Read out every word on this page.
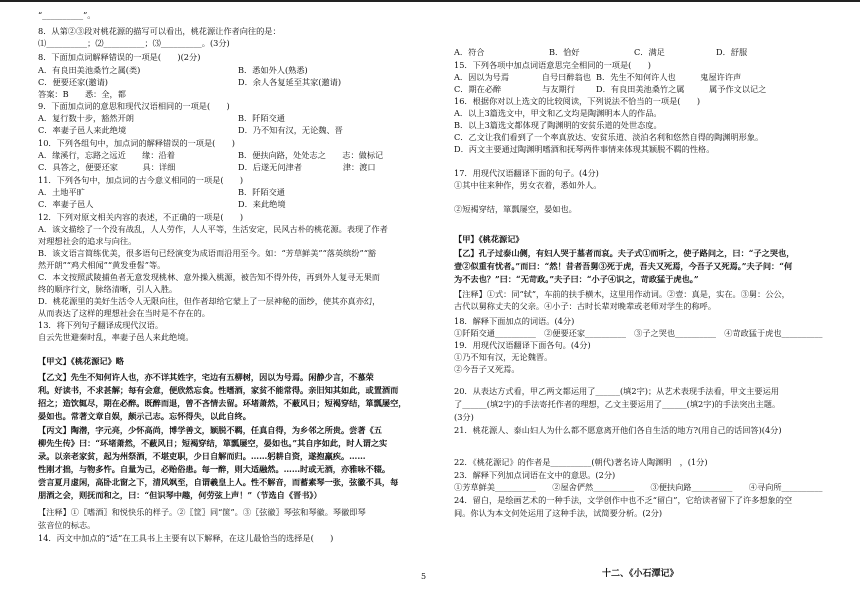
“__________”。
8．从第②③段对桃花源的描写可以看出，桃花源让作者向往的是：
⑴__________；⑵__________；⑶__________。(3分)
8．下面加点词解释错误的一项是(　　)(2分)
A．有良田美池桑竹之属(类)	B．悉如外人(熟悉)
C．便要还家(邀请)	D．余人各复延至其家(邀请)
答案：B　　悉：全，都
9．下面加点词的意思和现代汉语相同的一项是(　　)
A．复行数十步，豁然开朗	B．阡陌交通
C．率妻子邑人来此绝境	D．乃不知有汉，无论魏、晋
10．下列各组句中，加点词的解释错误的一项是(　　)
A．缘溪行，忘路之远近　　缘：沿着	B．便扶向路，处处志之　　志：做标记
C．具答之，便要还家　　　具：详细	D．后遂无问津者　　　　　津：渡口
11．下列各句中，加点词的古今意义相同的一项是(　　)
A．土地平旷	B．阡陌交通
C．率妻子邑人	D．来此绝境
12．下列对原文相关内容的表述，不正确的一项是(　　)
A．该文描绘了一个没有战乱，人人劳作，人人平等，生活安定，民风古朴的桃花源。表现了作者
对理想社会的追求与向往。
B．该文语言简练优美，很多语句已经演变为成语而沿用至今。如：“芳草鲜美”“落英缤纷”“豁
然开朗”“鸡犬相闻”“黄发垂髫”等。
C．本文按照武陵捕鱼者无意发现桃林、意外操入桃源，被告知不得外传，再到外人复寻无果而
终的顺序行文，脉络清晰，引人入胜。
D．桃花源里的美好生活令人无限向往，但作者却给它蒙上了一层神秘的面纱，使其亦真亦幻，
从而表达了这样的理想社会在当时是不存在的。
13．将下列句子翻译成现代汉语。
自云先世避秦时乱，率妻子邑人来此绝境。
【甲文】《桃花源记》略
【乙文】先生不知何许人也，亦不详其姓字，宅边有五柳树，因以为号焉。闲静少言，不慕荣
利。好读书，不求甚解；每有会意，便欣然忘食。性嗜酒，家贫不能常得。亲旧知其如此，或置酒而
招之；造饮辄尽，期在必醉。既醉而退，曾不吝情去留。环堵萧然，不蔽风日；短褐穿结，箪瓢屡空，
晏如也。常著文章自娱，颇示己志。忘怀得失，以此自终。
【丙文】陶潜，字元亮，少怀高尚，博学善文，颖脱不羁，任真自得，为乡邻之所贵。尝著《五
柳先生传》曰：“环堵萧然，不蔽风日；短褐穿结，箪瓢屡空，晏如也。”其自序如此，时人谓之实
录。以亲老家贫，起为州祭酒，不堪吏职，少日自解而归。……躬耕自资，遂抱羸疾。……
性刚才拙，与物多忤。自量为己，必贻俗患。每一醉，则大适融然。……时或无酒，亦雅咏不辍。
尝言夏月虚闲，高卧北窗之下，清风飒至，自谓羲皇上人。性不解音，而蓄素琴一张，弦徽不具，每
朋酒之会，则抚而和之，曰：“但识琴中趣，何劳弦上声！”（节选自《晋书》）
【注释】①〖嗜酒〗和悦快乐的样子。②〖筐〗同“箧”。③〖弦徽〗琴弦和琴徽。琴徽即琴
弦音位的标志。
14．丙文中加点的“适”在工具书上主要有以下解释，在这儿最恰当的选择是(　　)
A．符合	B．恰好	C．满足	D．舒服
15．下列各项中加点词语意思完全相同的一项是(　　)
A．因以为号焉　　　　自号曰醉翁也 B．先生不知何许人也　　　鬼屋许许声
C．期在必醉　　　　　与友期行	D．有良田美池桑竹之属　　　属予作文以记之
16．根据你对以上选文的比较阅读，下列说法不恰当的一项是(　　)
A．以上3篇选文中，甲文和乙文均是陶渊明本人的作品。
B．以上3篇选文都体现了陶渊明的安贫乐道的处世态度。
C．乙文让我们看到了一个率真放达、安贫乐道、淡泊名利和悠然自得的陶渊明形象。
D．丙文主要通过陶渊明嗜酒和抚琴两件事情来体现其颖脱不羁的性格。
17．用现代汉语翻译下面的句子。(4分)
①其中往来种作，男女衣着，悉如外人。
②短褐穿结，箪瓢屡空，晏如也。
【甲】《桃花源记》
【乙】孔子过泰山侧，有妇人哭于墓者而哀。夫子式①而听之，使子路问之，曰：“子之哭也，
壹②似重有忧者。”而曰：“然！昔者吾舅③死于虎，吾夫又死焉，今吾子又死焉。”夫子问：“何
为不去也？”曰：“无苛政。”夫子曰：“小子④识之，苛政猛于虎也。”
【注释】①式：同“轼”，车前的扶手横木，这里用作动词。②壹：真是，实在。③舅：公公，
古代以舅称丈夫的父亲。④小子：古时长辈对晚辈或老师对学生的称呼。
18．解释下面加点的词语。(4分)
①阡陌交通__________　②便要还家__________　③子之哭也__________　④苛政猛于虎也__________
19．用现代汉语翻译下面各句。(4分)
①乃不知有汉，无论魏晋。
②今吾子又死焉。
20．从表达方式看，甲乙两文都运用了______(填2字)；从艺术表现手法看，甲文主要运用
了______(填2字)的手法寄托作者的理想，乙文主要运用了______(填2字)的手法突出主题。
(3分)
21．桃花源人、泰山妇人为什么都不愿意离开他们各自生活的地方?(用自己的话回答)(4分)
22．《桃花源记》的作者是__________(朝代)著名诗人陶渊明　，(1分)
23．解释下列加点词语在文中的意思。(2分)
①芳草鲜美__________　　②屋舍俨然__________　　③便扶向路__________　　④寻向所__________
24．留白，是绘画艺术的一种手法，文学创作中也不乏“留白”，它给读者留下了许多想象的空
间。你认为本文何处运用了这种手法，试简要分析。(2分)
5	十二、《小石潭记》
